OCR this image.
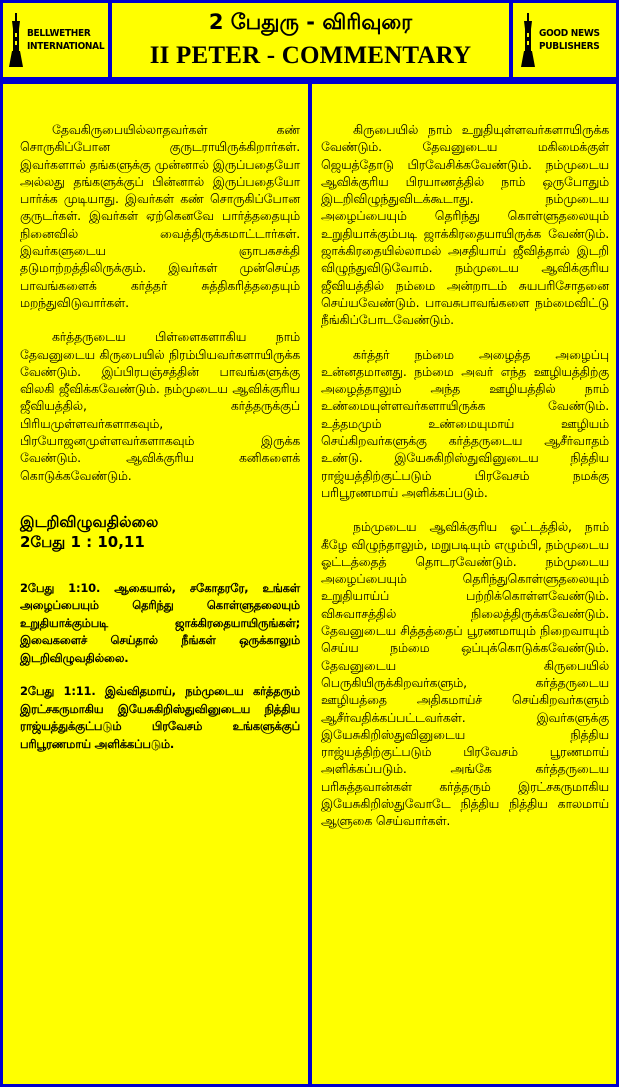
BELLWETHER
INTERNATIONAL
2 பேதுரு - விரிவுரை
II PETER - COMMENTARY
GOOD NEWS
PUBLISHERS

தேவகிருபையில்லாதவர்கள் கண் சொருகிப்போன குருடராயிருக்கிறார்கள். இவர்களால் தங்களுக்கு முன்னால் இருப்பதையோ அல்லது தங்களுக்குப் பின்னால் இருப்பதையோ பார்க்க முடியாது. இவர்கள் கண் சொருகிப்போன குருடர்கள். இவர்கள் ஏற்கெனவே பார்த்ததையும் நினைவில் வைத்திருக்கமாட்டார்கள். இவர்களுடைய ஞாபகசக்தி தடுமாற்றத்திலிருக்கும். இவர்கள் முன்செய்த பாவங்களைக் கர்த்தர் சுத்திகரித்ததையும் மறந்துவிடுவார்கள்.

கர்த்தருடைய பிள்ளைகளாகிய நாம் தேவனுடைய கிருபையில் நிரம்பியவர்களாயிருக்க வேண்டும். இப்பிரபஞ்சத்தின் பாவங்களுக்கு விலகி ஜீவிக்கவேண்டும். நம்முடைய ஆவிக்குரிய ஜீவியத்தில், கர்த்தருக்குப் பிரியமுள்ளவர்களாகவும், பிரயோஜனமுள்ளவர்களாகவும் இருக்க வேண்டும். ஆவிக்குரிய கனிகளைக் கொடுக்கவேண்டும்.

இடறிவிழுவதில்லை
2பேது 1 : 10,11

2பேது 1:10. ஆகையால், சகோதரரே, உங்கள் அழைப்பையும் தெரிந்து கொள்ளுதலையும் உறுதியாக்கும்படி ஜாக்கிரதையாயிருங்கள்; இவைகளைச் செய்தால் நீங்கள் ஒருக்காலும் இடறிவிழுவதில்லை.

2பேது 1:11. இவ்விதமாய், நம்முடைய கர்த்தரும் இரட்சகருமாகிய இயேசுகிறிஸ்துவினுடைய நித்திய ராஜ்யத்துக்குட்படும் பிரவேசம் உங்களுக்குப் பரிபூரணமாய் அளிக்கப்படும்.

கிருபையில் நாம் உறுதியுள்ளவர்களாயிருக்க வேண்டும். தேவனுடைய மகிமைக்குள் ஜெயத்தோடு பிரவேசிக்கவேண்டும். நம்முடைய ஆவிக்குரிய பிரயாணத்தில் நாம் ஒருபோதும் இடறிவிழுந்துவிடக்கூடாது. நம்முடைய அழைப்பையும் தெரிந்து கொள்ளுதலையும் உறுதியாக்கும்படி ஜாக்கிரதையாயிருக்க வேண்டும். ஜாக்கிரதையில்லாமல் அசதியாய் ஜீவித்தால் இடறி விழுந்துவிடுவோம். நம்முடைய ஆவிக்குரிய ஜீவியத்தில் நம்மை அன்றாடம் சுயபரிசோதனை செய்யவேண்டும். பாவசுபாவங்களை நம்மைவிட்டு நீங்கிப்போடவேண்டும்.

கர்த்தர் நம்மை அழைத்த அழைப்பு உன்னதமானது. நம்மை அவர் எந்த ஊழியத்திற்கு அழைத்தாலும் அந்த ஊழியத்தில் நாம் உண்மையுள்ளவர்களாயிருக்க வேண்டும். உத்தமமும் உண்மையுமாய் ஊழியம் செய்கிறவர்களுக்கு கர்த்தருடைய ஆசீர்வாதம் உண்டு. இயேசுகிறிஸ்துவினுடைய நித்திய ராஜ்யத்திற்குட்படும் பிரவேசம் நமக்கு பரிபூரணமாய் அளிக்கப்படும்.

நம்முடைய ஆவிக்குரிய ஓட்டத்தில், நாம் கீழே விழுந்தாலும், மறுபடியும் எழும்பி, நம்முடைய ஓட்டத்தைத் தொடரவேண்டும். நம்முடைய அழைப்பையும் தெரிந்துகொள்ளுதலையும் உறுதியாய்ப் பற்றிக்கொள்ளவேண்டும். விசுவாசத்தில் நிலைத்திருக்கவேண்டும். தேவனுடைய சித்தத்தைப் பூரணமாயும் நிறைவாயும் செய்ய நம்மை ஒப்புக்கொடுக்கவேண்டும். தேவனுடைய கிருபையில் பெருகியிருக்கிறவர்களும், கர்த்தருடைய ஊழியத்தை அதிகமாய்ச் செய்கிறவர்களும் ஆசீர்வதிக்கப்பட்டவர்கள். இவர்களுக்கு இயேசுகிறிஸ்துவினுடைய நித்திய ராஜ்யத்திற்குட்படும் பிரவேசம் பூரணமாய் அளிக்கப்படும். அங்கே கர்த்தருடைய பரிசுத்தவான்கள் கர்த்தரும் இரட்சகருமாகிய இயேசுகிறிஸ்துவோடே நித்திய நித்திய காலமாய் ஆளுகை செய்வார்கள்.
